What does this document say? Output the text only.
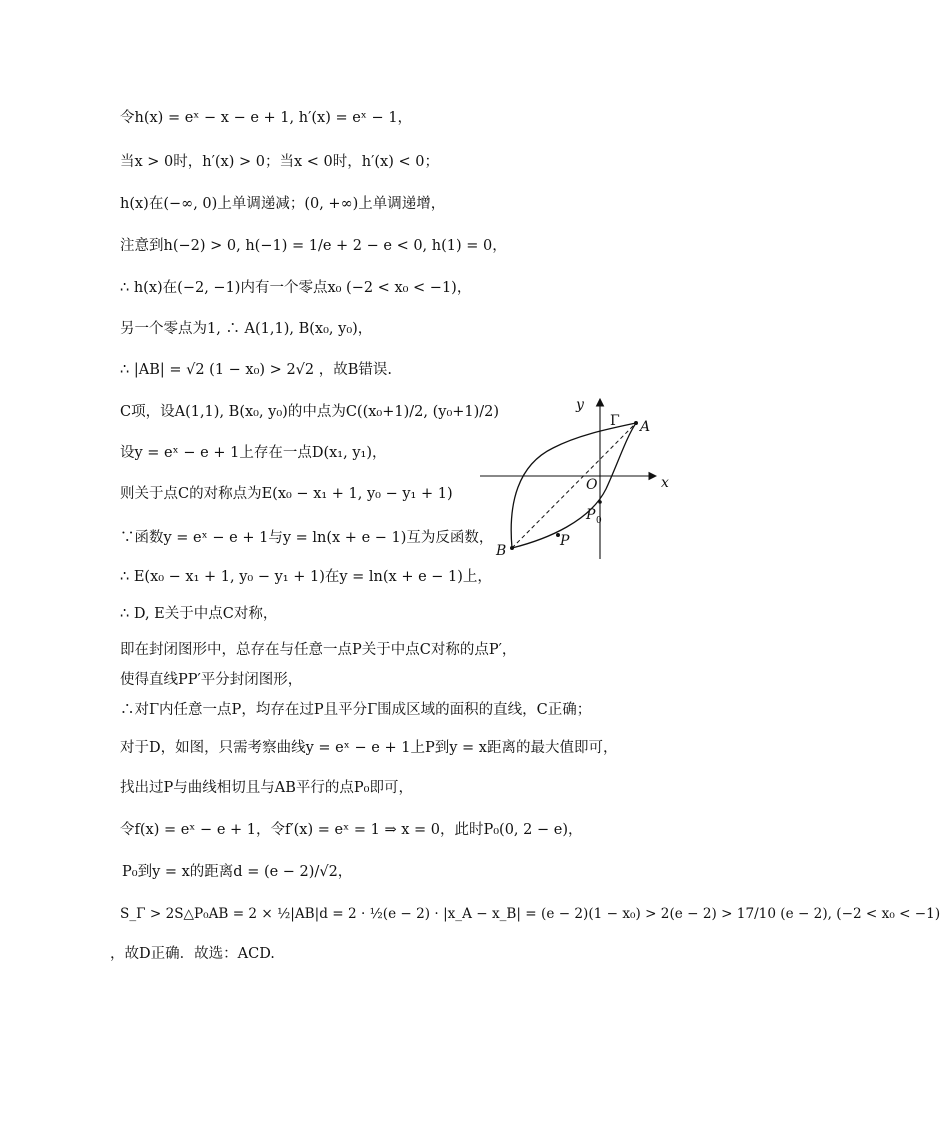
令h(x) = eˣ − x − e + 1, h′(x) = eˣ − 1，
当x > 0时，h′(x) > 0；当x < 0时，h′(x) < 0；
h(x)在(−∞, 0)上单调递减；(0, +∞)上单调递增，
注意到h(−2) > 0, h(−1) = 1/e + 2 − e < 0, h(1) = 0，
∴ h(x)在(−2, −1)内有一个零点x₀ (−2 < x₀ < −1)，
另一个零点为1, ∴ A(1,1), B(x₀, y₀)，
∴ |AB| = √2 (1 − x₀) > 2√2 ，故B错误.
C项，设A(1,1), B(x₀, y₀)的中点为C((x₀+1)/2, (y₀+1)/2)
设y = eˣ − e + 1上存在一点D(x₁, y₁)，
则关于点C的对称点为E(x₀ − x₁ + 1, y₀ − y₁ + 1)
∵函数y = eˣ − e + 1与y = ln(x + e − 1)互为反函数，
∴ E(x₀ − x₁ + 1, y₀ − y₁ + 1)在y = ln(x + e − 1)上，
∴ D, E关于中点C对称，
即在封闭图形中，总存在与任意一点P关于中点C对称的点P′，
使得直线PP′平分封闭图形，
∴对Γ内任意一点P，均存在过P且平分Γ围成区域的面积的直线，C正确；
对于D，如图，只需考察曲线y = eˣ − e + 1上P到y = x距离的最大值即可，
找出过P与曲线相切且与AB平行的点P₀即可，
令f(x) = eˣ − e + 1，令f′(x) = eˣ = 1 ⇒ x = 0，此时P₀(0, 2 − e)，
P₀到y = x的距离d = (e − 2)/√2，
S_Γ > 2S△P₀AB = 2 × ½|AB|d = 2 · ½(e − 2) · |x_A − x_B| = (e − 2)(1 − x₀) > 2(e − 2) > 17/10 (e − 2), (−2 < x₀ < −1)
，故D正确．故选：ACD.
y
x
O
Γ A
B
P
P 0
